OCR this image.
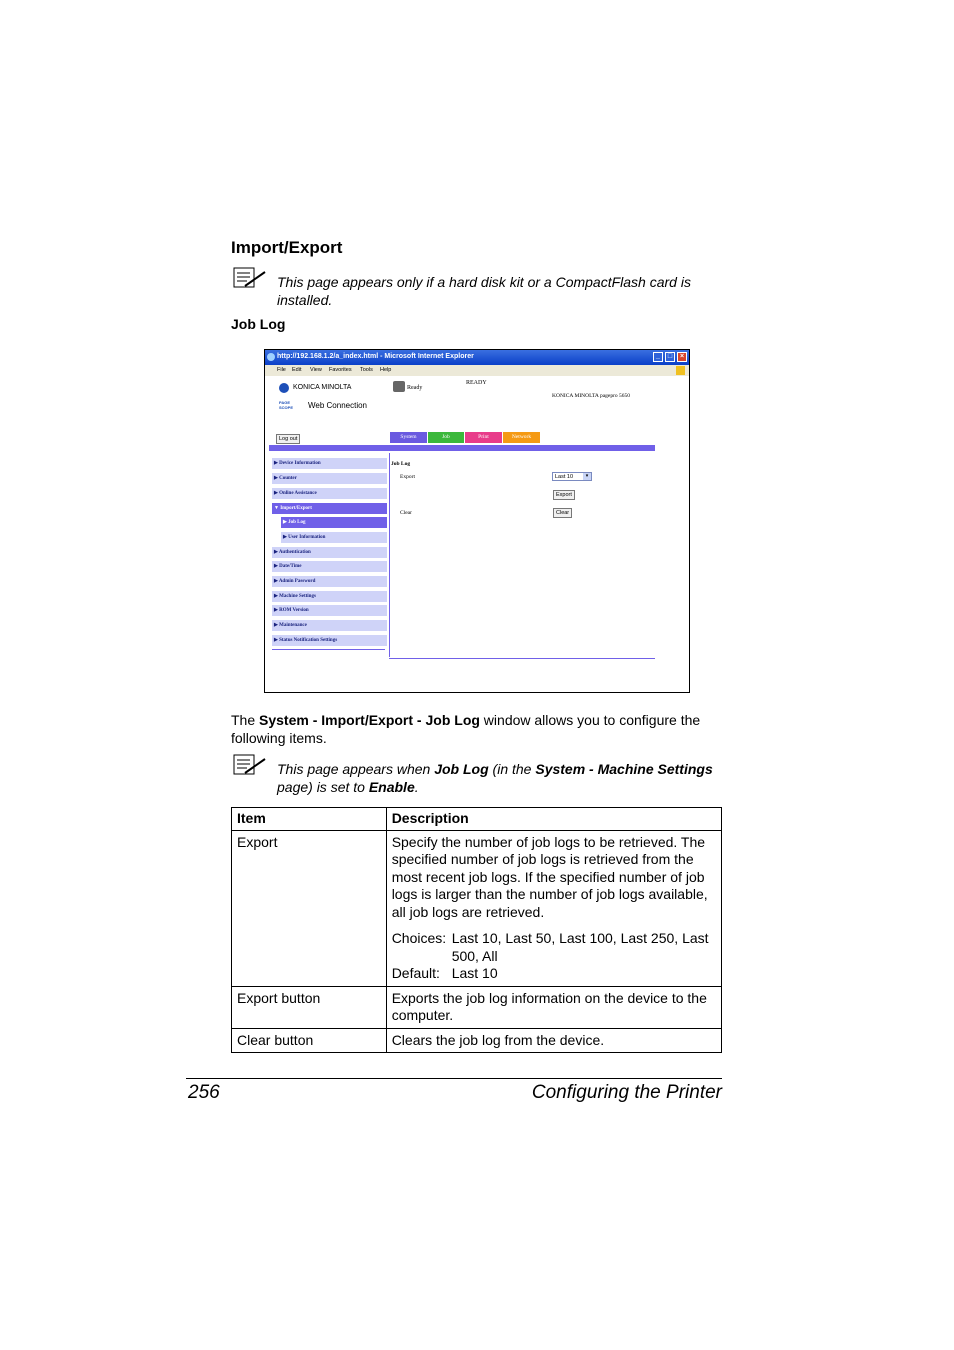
Import/Export
This page appears only if a hard disk kit or a CompactFlash card is installed.
Job Log
http://192.168.1.2/a_index.html - Microsoft Internet Explorer	_	□	×
File Edit View Favorites Tools Help
KONICA MINOLTA
PAGE SCOPE Web Connection
Ready
READY
KONICA MINOLTA pagepro 5650
Log out	System	Job	Print	Network
▶ Device Information
▶ Counter
▶ Online Assistance
▼ Import/Export
▶ Job Log
▶ User Information
▶ Authentication
▶ Date/Time
▶ Admin Password
▶ Machine Settings
▶ ROM Version
▶ Maintenance
▶ Status Notification Settings
Job Log
Export	Last 10	▾
Export
Clear	Clear
The System - Import/Export - Job Log window allows you to configure the following items.
This page appears when Job Log (in the System - Machine Settings page) is set to Enable.
Item	Description
Export	Specify the number of job logs to be retrieved. The specified number of job logs is retrieved from the most recent job logs. If the specified number of job logs is larger than the number of job logs available, all job logs are retrieved.
Choices: Last 10, Last 50, Last 100, Last 250, Last 500, All
Default: Last 10

Export button	Exports the job log information on the device to the computer.
Clear button	Clears the job log from the device.
256	Configuring the Printer
